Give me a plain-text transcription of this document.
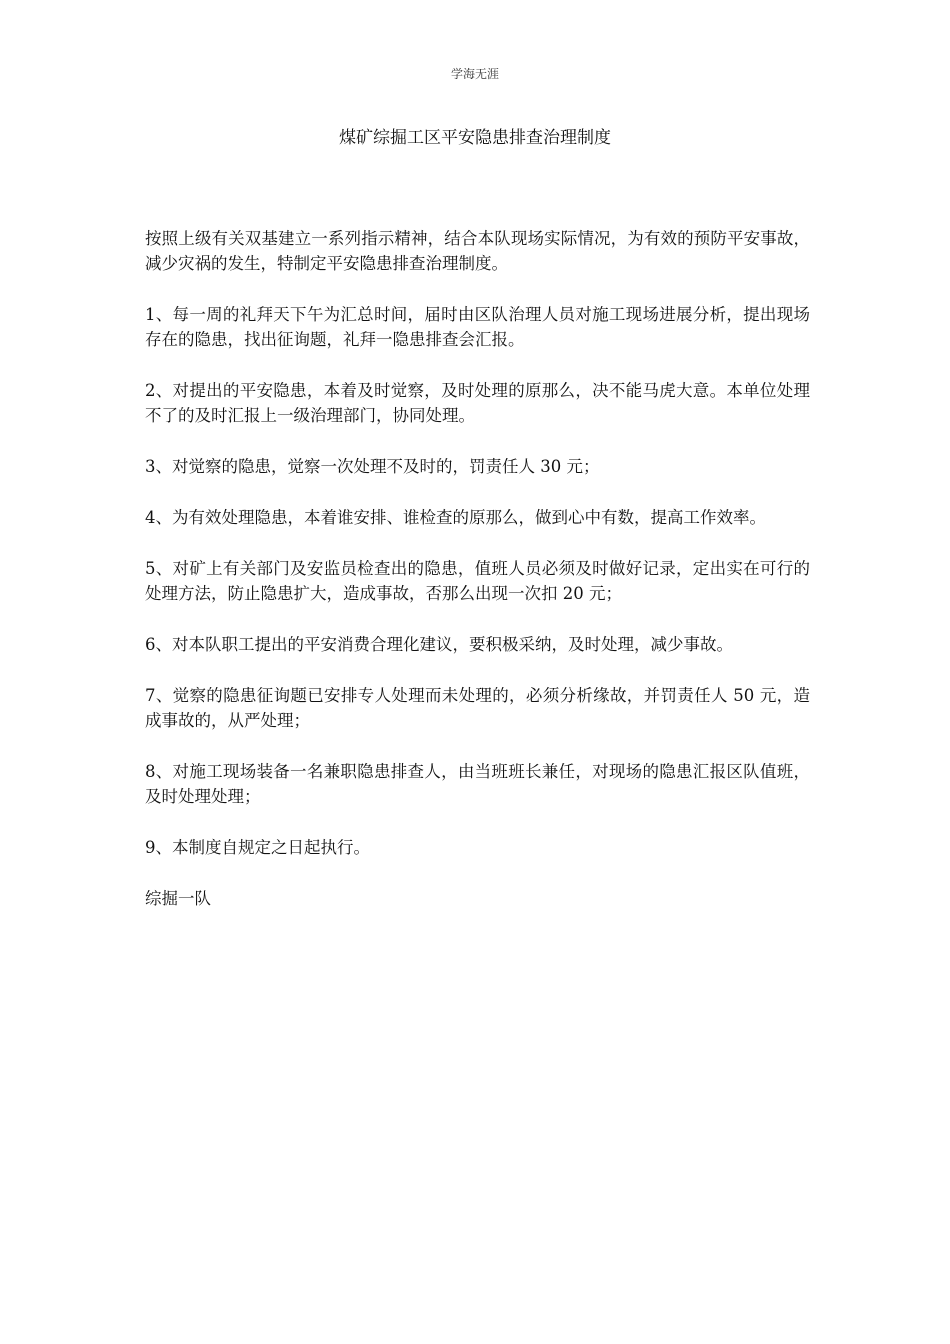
学海无涯
煤矿综掘工区平安隐患排查治理制度

按照上级有关双基建立一系列指示精神，结合本队现场实际情况，为有效的预防平安事故，减少灾祸的发生，特制定平安隐患排查治理制度。

1、每一周的礼拜天下午为汇总时间，届时由区队治理人员对施工现场进展分析，提出现场存在的隐患，找出征询题，礼拜一隐患排查会汇报。

2、对提出的平安隐患，本着及时觉察，及时处理的原那么，决不能马虎大意。本单位处理不了的及时汇报上一级治理部门，协同处理。

3、对觉察的隐患，觉察一次处理不及时的，罚责任人 30 元；

4、为有效处理隐患，本着谁安排、谁检查的原那么，做到心中有数，提高工作效率。

5、对矿上有关部门及安监员检查出的隐患，值班人员必须及时做好记录，定出实在可行的处理方法，防止隐患扩大，造成事故，否那么出现一次扣 20 元；

6、对本队职工提出的平安消费合理化建议，要积极采纳，及时处理，减少事故。

7、觉察的隐患征询题已安排专人处理而未处理的，必须分析缘故，并罚责任人 50 元，造成事故的，从严处理；

8、对施工现场装备一名兼职隐患排查人，由当班班长兼任，对现场的隐患汇报区队值班，及时处理处理；

9、本制度自规定之日起执行。

综掘一队
